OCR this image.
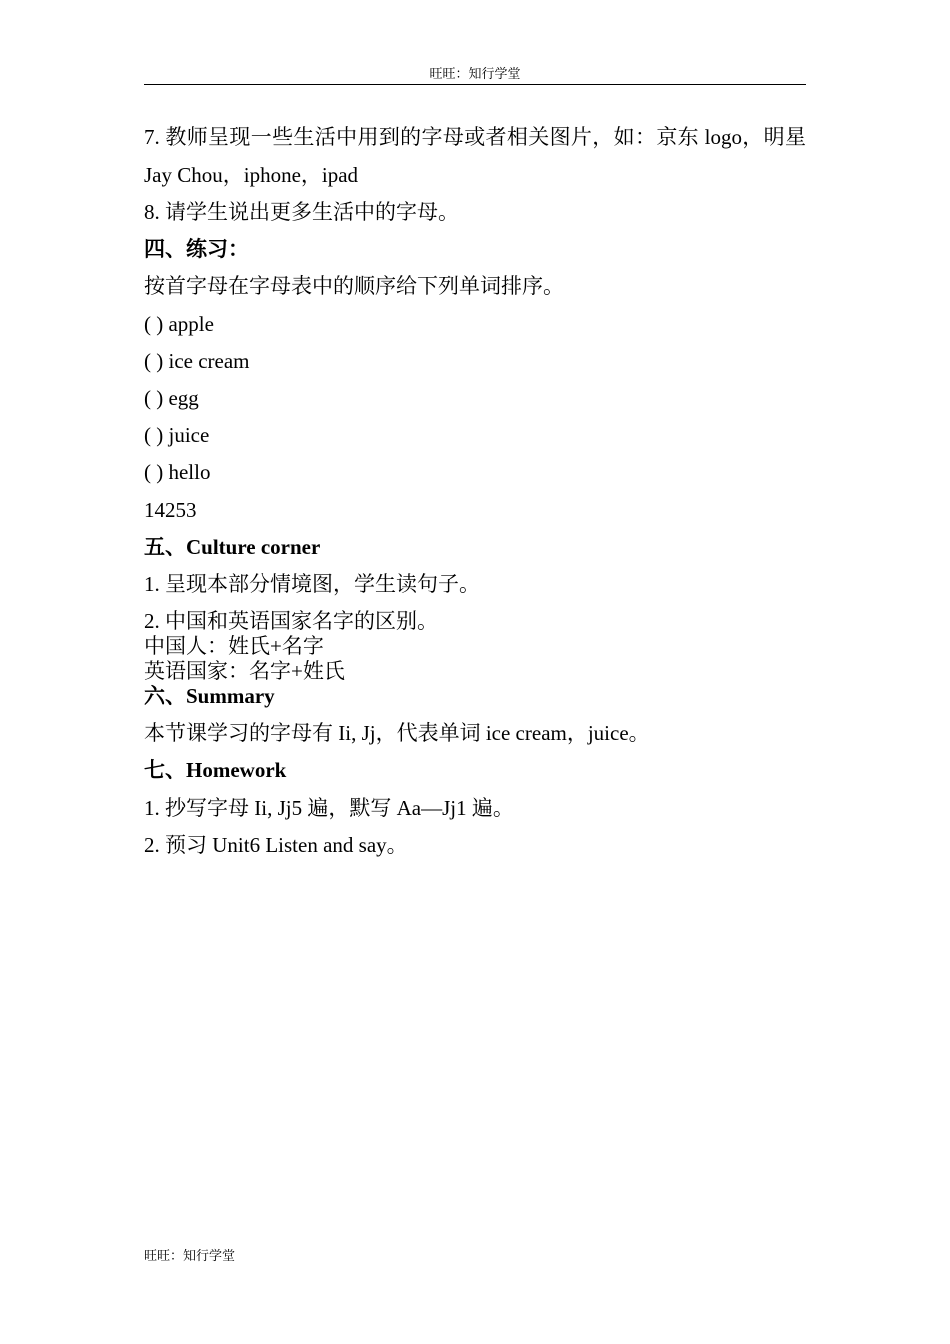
旺旺：知行学堂

7. 教师呈现一些生活中用到的字母或者相关图片，如：京东 logo，明星 Jay Chou，iphone，ipad

8. 请学生说出更多生活中的字母。

四、练习：

按首字母在字母表中的顺序给下列单词排序。

( ) apple

( ) ice cream

( ) egg

( ) juice

( ) hello

14253

五、Culture corner

1. 呈现本部分情境图，学生读句子。

2. 中国和英语国家名字的区别。

中国人：姓氏+名字

英语国家：名字+姓氏

六、Summary

本节课学习的字母有 Ii, Jj，代表单词 ice cream，juice。

七、Homework

1. 抄写字母 Ii, Jj5 遍，默写 Aa—Jj1 遍。

2. 预习 Unit6 Listen and say。

旺旺：知行学堂
